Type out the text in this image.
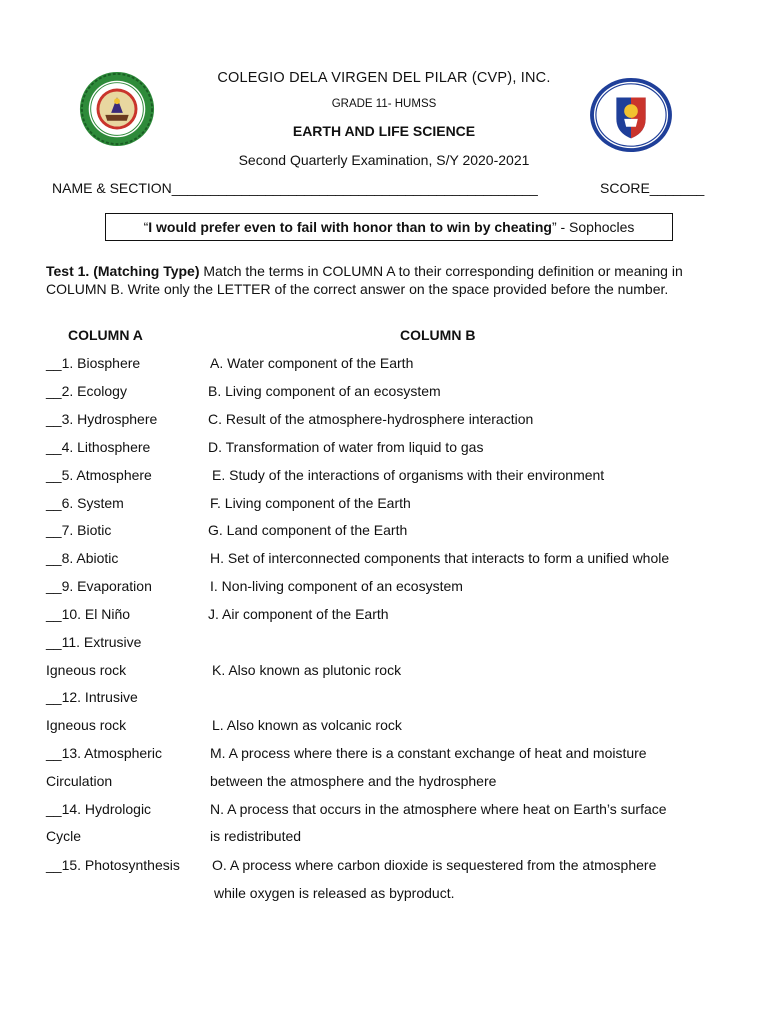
COLEGIO DELA VIRGEN DEL PILAR (CVP), INC.
GRADE 11- HUMSS
EARTH AND LIFE SCIENCE
Second Quarterly Examination, S/Y 2020-2021
NAME & SECTION_______________________________________________	SCORE_______
“ I would prefer even to fail with honor than to win by cheating ” - Sophocles
Test 1. (Matching Type) Match the terms in COLUMN A to their corresponding definition or meaning in COLUMN B. Write only the LETTER of the correct answer on the space provided before the number.
COLUMN A	COLUMN B
__1. Biosphere	A. Water component of the Earth
__2. Ecology	B. Living component of an ecosystem
__3. Hydrosphere	C. Result of the atmosphere-hydrosphere interaction
__4. Lithosphere	D. Transformation of water from liquid to gas
__5. Atmosphere	E. Study of the interactions of organisms with their environment
__6. System	F. Living component of the Earth
__7. Biotic	G. Land component of the Earth
__8. Abiotic	H. Set of interconnected components that interacts to form a unified whole
__9. Evaporation	I. Non-living component of an ecosystem
__10. El Niño	J. Air component of the Earth
__11. Extrusive
Igneous rock	K. Also known as plutonic rock
__12. Intrusive
Igneous rock	L. Also known as volcanic rock
__13. Atmospheric	M. A process where there is a constant exchange of heat and moisture
Circulation	between the atmosphere and the hydrosphere
__14. Hydrologic	N. A process that occurs in the atmosphere where heat on Earth’s surface
Cycle	is redistributed
__15. Photosynthesis O. A process where carbon dioxide is sequestered from the atmosphere
while oxygen is released as byproduct.
